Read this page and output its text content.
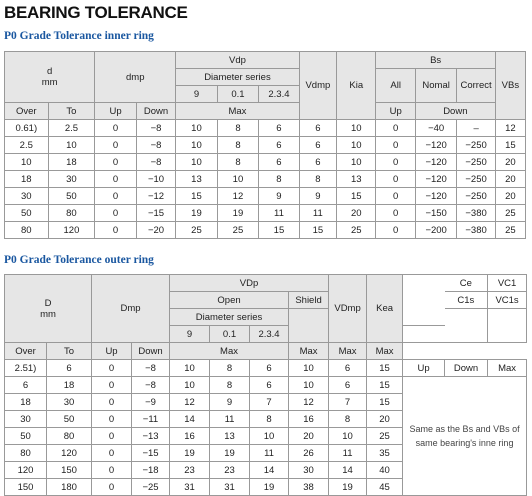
BEARING TOLERANCE
P0 Grade Tolerance inner ring
d
mm		dmp		Vdp			Vdmp	Kia	Bs			VBs
				Diameter series					All	Nomal	Correct	
				9	0.1	2.3.4						
Over	To	Up	Down	Max					Up	Down		
0.61)	2.5	0	−8	10	8	6	6	10	0	−40	–	12
2.5	10	0	−8	10	8	6	6	10	0	−120	−250	15
10	18	0	−8	10	8	6	6	10	0	−120	−250	20
18	30	0	−10	13	10	8	8	13	0	−120	−250	20
30	50	0	−12	15	12	9	9	15	0	−120	−250	20
50	80	0	−15	19	19	11	11	20	0	−150	−380	25
80	120	0	−20	25	25	15	15	25	0	−200	−380	25
P0 Grade Tolerance outer ring
D
mm		Dmp		VDp				VDmp	Kea		Ce	VC1
				Open			Shield				C1s	VC1s
				Diameter series								
				9	0.1	2.3.4						
Over	To	Up	Down	Max			Max	Max	Max			
2.51)	6	0	−8	10	8	6	10	6	15	Up	Down	Max
6	18	0	−8	10	8	6	10	6	15	Same as the Bs and VBs of same bearing's inne ring		
18	30	0	−9	12	9	7	12	7	15			
30	50	0	−11	14	11	8	16	8	20			
50	80	0	−13	16	13	10	20	10	25			
80	120	0	−15	19	19	11	26	11	35			
120	150	0	−18	23	23	14	30	14	40			
150	180	0	−25	31	31	19	38	19	45			
